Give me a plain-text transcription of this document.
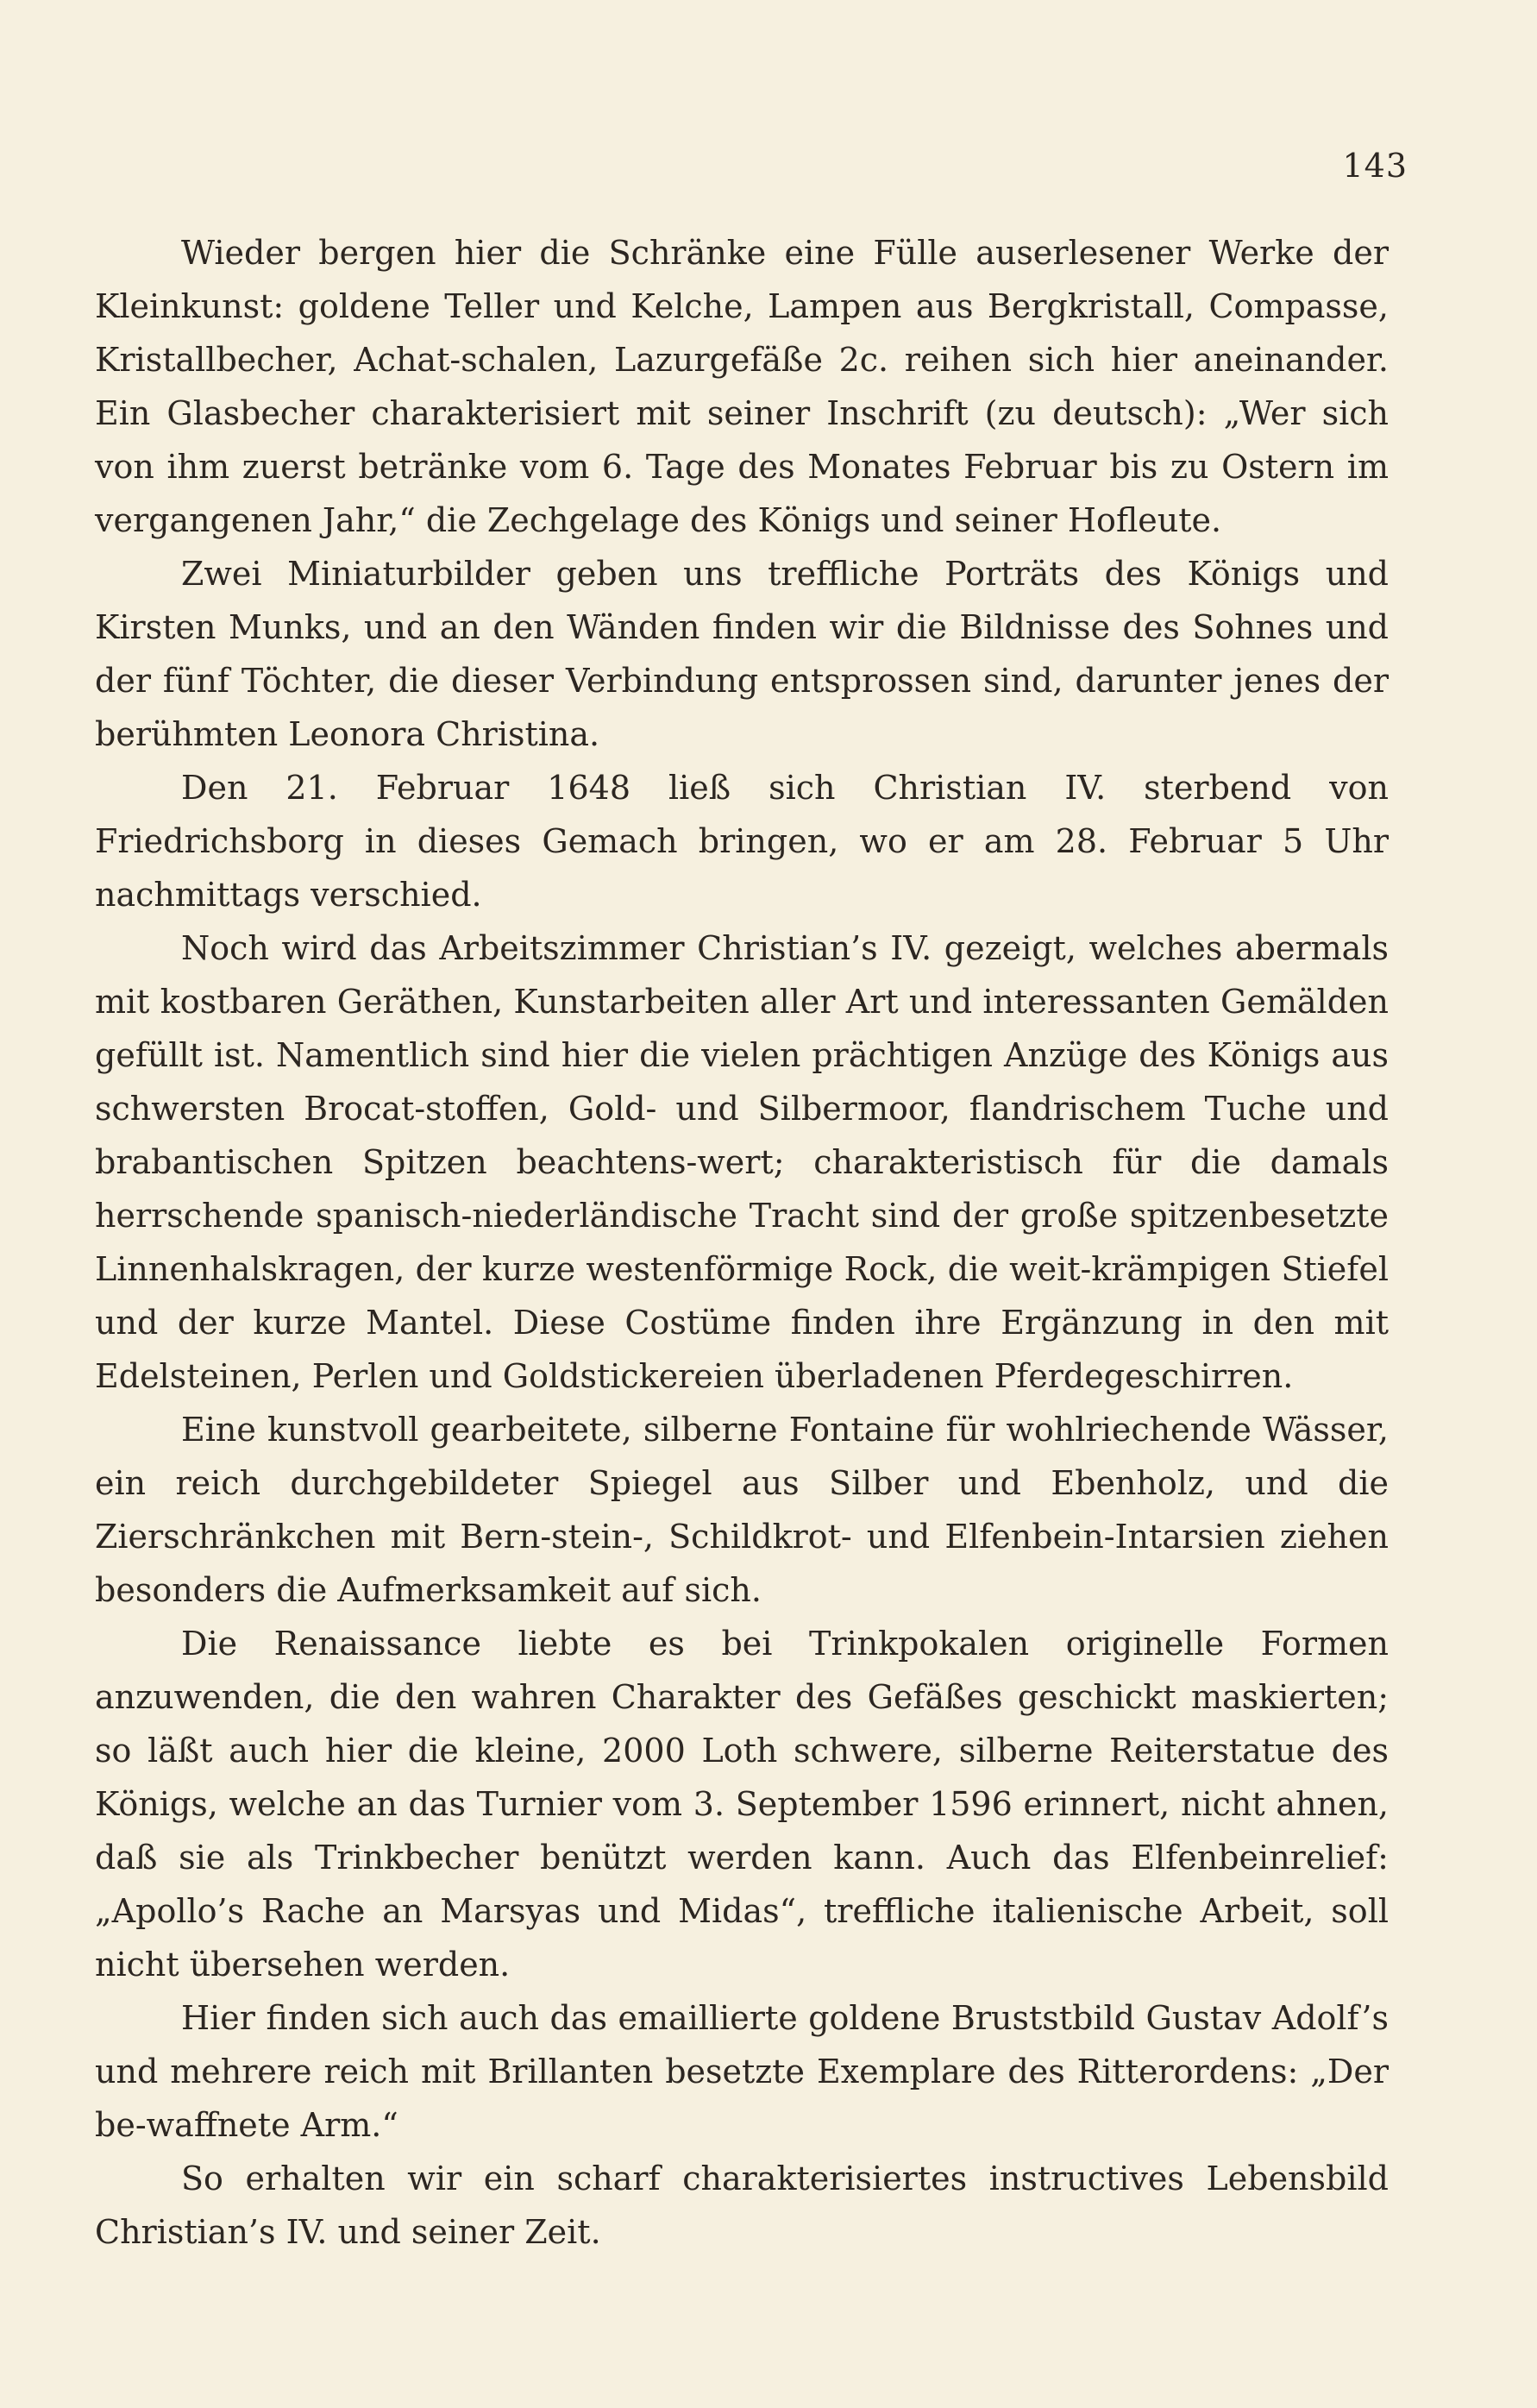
143

Wieder bergen hier die Schränke eine Fülle auserlesener Werke der Kleinkunst: goldene Teller und Kelche, Lampen aus Bergkristall, Compasse, Kristallbecher, Achat-schalen, Lazurgefäße 2c. reihen sich hier aneinander. Ein Glasbecher charakterisiert mit seiner Inschrift (zu deutsch): „Wer sich von ihm zuerst betränke vom 6. Tage des Monates Februar bis zu Ostern im vergangenen Jahr,“ die Zechgelage des Königs und seiner Hofleute.

Zwei Miniaturbilder geben uns treffliche Porträts des Königs und Kirsten Munks, und an den Wänden finden wir die Bildnisse des Sohnes und der fünf Töchter, die dieser Verbindung entsprossen sind, darunter jenes der berühmten Leonora Christina.

Den 21. Februar 1648 ließ sich Christian IV. sterbend von Friedrichsborg in dieses Gemach bringen, wo er am 28. Februar 5 Uhr nachmittags verschied.

Noch wird das Arbeitszimmer Christian’s IV. gezeigt, welches abermals mit kostbaren Geräthen, Kunstarbeiten aller Art und interessanten Gemälden gefüllt ist. Namentlich sind hier die vielen prächtigen Anzüge des Königs aus schwersten Brocat-stoffen, Gold- und Silbermoor, flandrischem Tuche und brabantischen Spitzen beachtens-wert; charakteristisch für die damals herrschende spanisch-niederländische Tracht sind der große spitzenbesetzte Linnenhalskragen, der kurze westenförmige Rock, die weit-krämpigen Stiefel und der kurze Mantel. Diese Costüme finden ihre Ergänzung in den mit Edelsteinen, Perlen und Goldstickereien überladenen Pferdegeschirren.

Eine kunstvoll gearbeitete, silberne Fontaine für wohlriechende Wässer, ein reich durchgebildeter Spiegel aus Silber und Ebenholz, und die Zierschränkchen mit Bern-stein-, Schildkrot- und Elfenbein-Intarsien ziehen besonders die Aufmerksamkeit auf sich.

Die Renaissance liebte es bei Trinkpokalen originelle Formen anzuwenden, die den wahren Charakter des Gefäßes geschickt maskierten; so läßt auch hier die kleine, 2000 Loth schwere, silberne Reiterstatue des Königs, welche an das Turnier vom 3. September 1596 erinnert, nicht ahnen, daß sie als Trinkbecher benützt werden kann. Auch das Elfenbeinrelief: „Apollo’s Rache an Marsyas und Midas“, treffliche italienische Arbeit, soll nicht übersehen werden.

Hier finden sich auch das emaillierte goldene Bruststbild Gustav Adolf’s und mehrere reich mit Brillanten besetzte Exemplare des Ritterordens: „Der be-waffnete Arm.“

So erhalten wir ein scharf charakterisiertes instructives Lebensbild Christian’s IV. und seiner Zeit.
